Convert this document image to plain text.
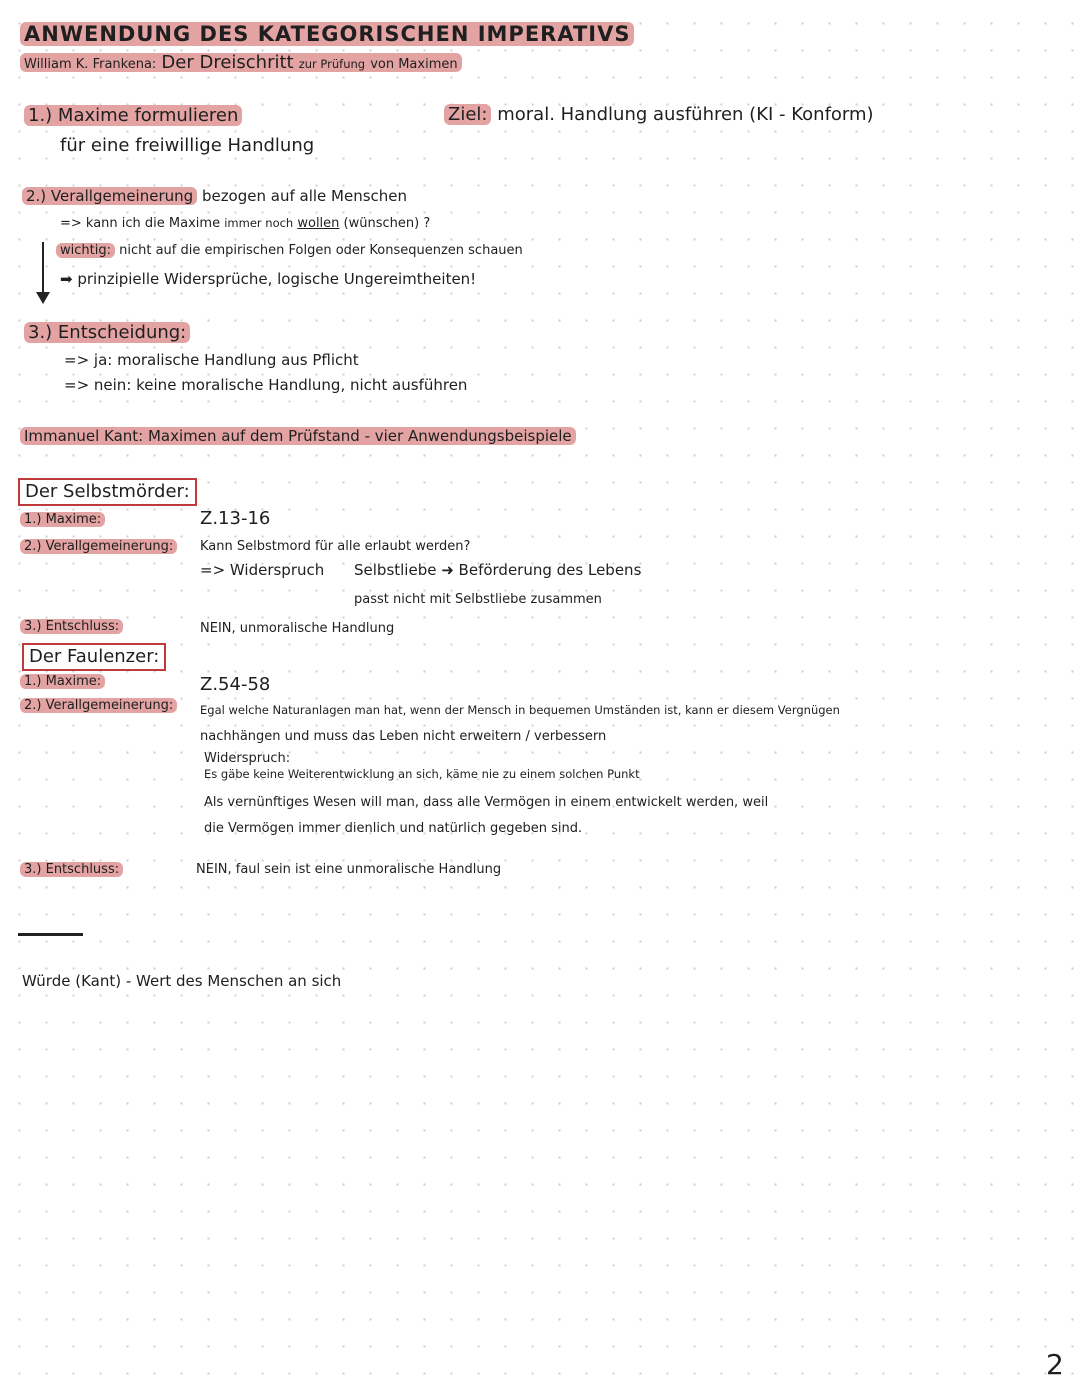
ANWENDUNG DES KATEGORISCHEN IMPERATIVS
William K. Frankena: Der Dreischritt zur Prüfung von Maximen
1.) Maxime formulieren
für eine freiwillige Handlung
Ziel: moral. Handlung ausführen (KI - Konform)
2.) Verallgemeinerung bezogen auf alle Menschen
=> kann ich die Maxime immer noch wollen (wünschen) ?
wichtig: nicht auf die empirischen Folgen oder Konsequenzen schauen
➡ prinzipielle Widersprüche, logische Ungereimtheiten!
3.) Entscheidung:
=> ja: moralische Handlung aus Pflicht
=> nein: keine moralische Handlung, nicht ausführen
Immanuel Kant: Maximen auf dem Prüfstand - vier Anwendungsbeispiele
Der Selbstmörder:
1.) Maxime:
2.) Verallgemeinerung:
3.) Entschluss:
Z.13-16
Kann Selbstmord für alle erlaubt werden?
=> Widerspruch Selbstliebe ➜ Beförderung des Lebens
passt nicht mit Selbstliebe zusammen
NEIN, unmoralische Handlung
Der Faulenzer:
1.) Maxime:
2.) Verallgemeinerung:
3.) Entschluss:
Z.54-58
Egal welche Naturanlagen man hat, wenn der Mensch in bequemen Umständen ist, kann er diesem Vergnügen
nachhängen und muss das Leben nicht erweitern / verbessern
Widerspruch:
Es gäbe keine Weiterentwicklung an sich, käme nie zu einem solchen Punkt
Als vernünftiges Wesen will man, dass alle Vermögen in einem entwickelt werden, weil
die Vermögen immer dienlich und natürlich gegeben sind.
NEIN, faul sein ist eine unmoralische Handlung
Würde (Kant) - Wert des Menschen an sich
2
